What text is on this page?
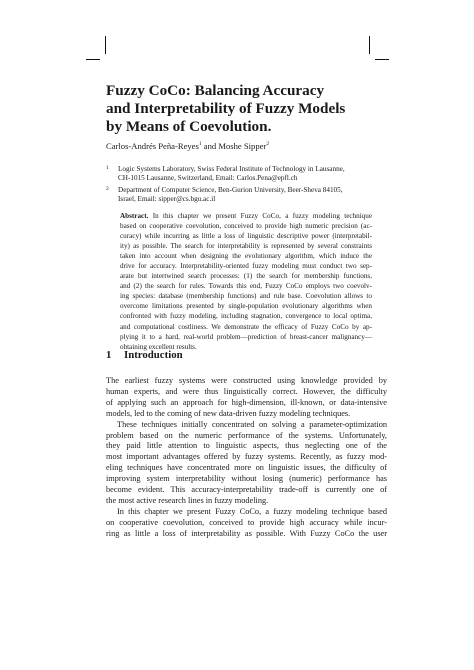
Fuzzy CoCo: Balancing Accuracy
and Interpretability of Fuzzy Models
by Means of Coevolution.
Carlos-Andrés Peña-Reyes$^1$ and Moshe Sipper$^2$
1 Logic Systems Laboratory, Swiss Federal Institute of Technology in Lausanne,
CH-1015 Lausanne, Switzerland, Email: Carlos.Pena@epfl.ch
2 Department of Computer Science, Ben-Gurion University, Beer-Sheva 84105,
Israel, Email: sipper@cs.bgu.ac.il
Abstract. In this chapter we present Fuzzy CoCo, a fuzzy modeling technique
based on cooperative coevolution, conceived to provide high numeric precision (ac-
curacy) while incurring as little a loss of linguistic descriptive power (interpretabil-
ity) as possible. The search for interpretability is represented by several constraints
taken into account when designing the evolutionary algorithm, which induce the
drive for accuracy. Interpretability-oriented fuzzy modeling must conduct two sep-
arate but intertwined search processes: (1) the search for membership functions,
and (2) the search for rules. Towards this end, Fuzzy CoCo employs two coevolv-
ing species: database (membership functions) and rule base. Coevolution allows to
overcome limitations presented by single-population evolutionary algorithms when
confronted with fuzzy modeling, including stagnation, convergence to local optima,
and computational costliness. We demonstrate the efficacy of Fuzzy CoCo by ap-
plying it to a hard, real-world problem—prediction of breast-cancer malignancy—
obtaining excellent results.
1 Introduction
The earliest fuzzy systems were constructed using knowledge provided by
human experts, and were thus linguistically correct. However, the difficulty
of applying such an approach for high-dimension, ill-known, or data-intensive
models, led to the coming of new data-driven fuzzy modeling techniques.
These techniques initially concentrated on solving a parameter-optimization
problem based on the numeric performance of the systems. Unfortunately,
they paid little attention to linguistic aspects, thus neglecting one of the
most important advantages offered by fuzzy systems. Recently, as fuzzy mod-
eling techniques have concentrated more on linguistic issues, the difficulty of
improving system interpretability without losing (numeric) performance has
become evident. This accuracy-interpretability trade-off is currently one of
the most active research lines in fuzzy modeling.
In this chapter we present Fuzzy CoCo, a fuzzy modeling technique based
on cooperative coevolution, conceived to provide high accuracy while incur-
ring as little a loss of interpretability as possible. With Fuzzy CoCo the user
